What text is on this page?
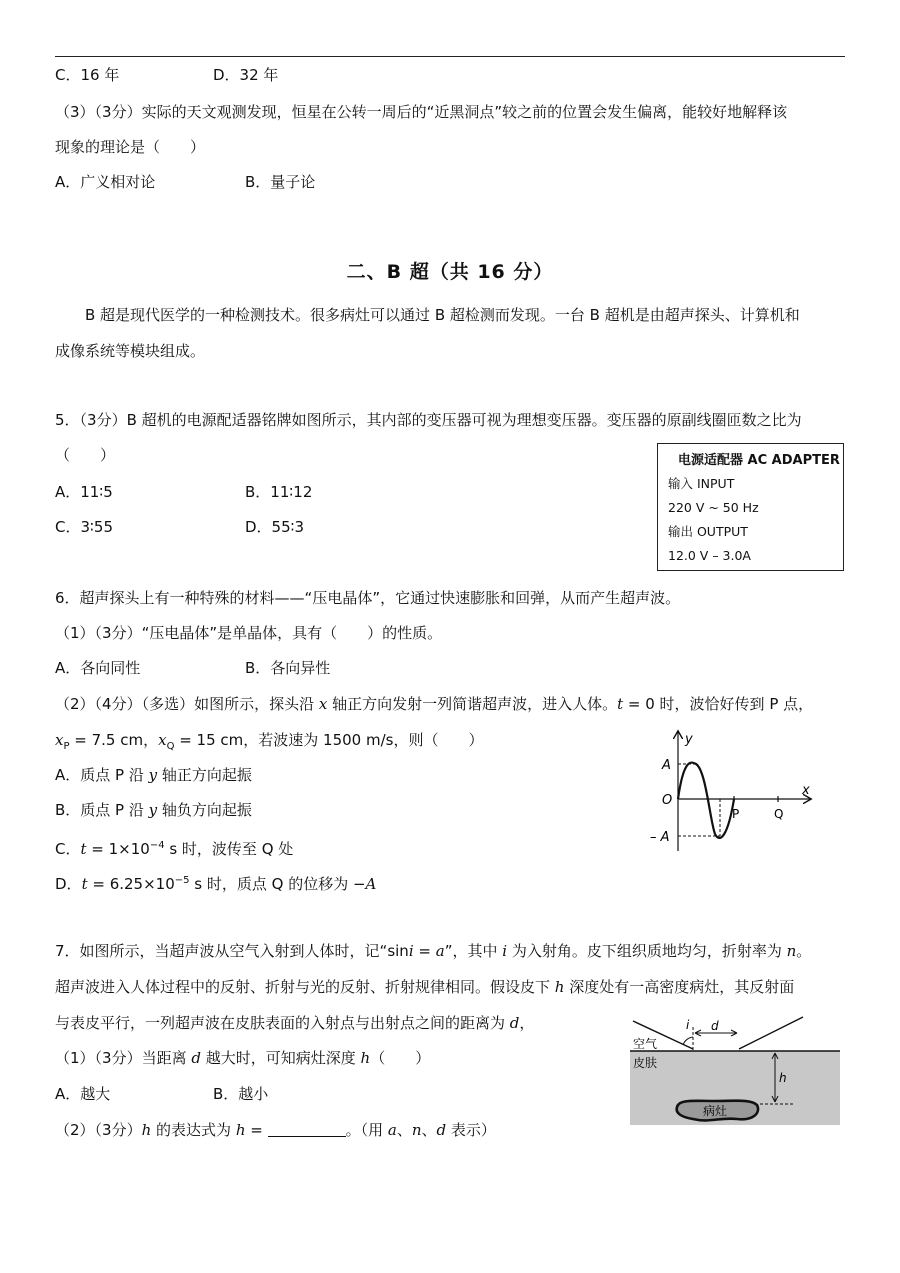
C．16 年	D．32 年
（3）（3分）实际的天文观测发现，恒星在公转一周后的“近黑洞点”较之前的位置会发生偏离，能较好地解释该
现象的理论是（　　）
A．广义相对论	B．量子论
二、B 超（共 16 分）
B 超是现代医学的一种检测技术。很多病灶可以通过 B 超检测而发现。一台 B 超机是由超声探头、计算机和
成像系统等模块组成。
5．（3分）B 超机的电源配适器铭牌如图所示，其内部的变压器可视为理想变压器。变压器的原副线圈匝数之比为
（　　）
A．11∶5	B．11∶12
C．3∶55	D．55∶3
电源适配器 AC ADAPTER
输入 INPUT
220 V ~ 50 Hz
输出 OUTPUT
12.0 V – 3.0A
6．超声探头上有一种特殊的材料——“压电晶体”，它通过快速膨胀和回弹，从而产生超声波。
（1）（3分）“压电晶体”是单晶体，具有（　　）的性质。
A．各向同性	B．各向异性
（2）（4分）（多选）如图所示，探头沿 x 轴正方向发射一列简谐超声波，进入人体。t = 0 时，波恰好传到 P 点，
$x_P = 7.5$ cm，$x_Q = 15$ cm，若波速为 1500 m/s，则（　　）
A．质点 P 沿 y 轴正方向起振
B．质点 P 沿 y 轴负方向起振
C．$t = 1\times 10^{-4}$ s 时，波传至 Q 处
D．$t = 6.25\times 10^{-5}$ s 时，质点 Q 的位移为 −A
y
x
A
O
– A
P	Q
7．如图所示，当超声波从空气入射到人体时，记“sini = a”，其中 i 为入射角。皮下组织质地均匀，折射率为 n。
超声波进入人体过程中的反射、折射与光的反射、折射规律相同。假设皮下 h 深度处有一高密度病灶，其反射面
与表皮平行，一列超声波在皮肤表面的入射点与出射点之间的距离为 d，
（1）（3分）当距离 d 越大时，可知病灶深度 h（　　）
A．越大	B．越小
（2）（3分）h 的表达式为 h =	。（用 a、n、d 表示）
i d
空气
皮肤
h
病灶
